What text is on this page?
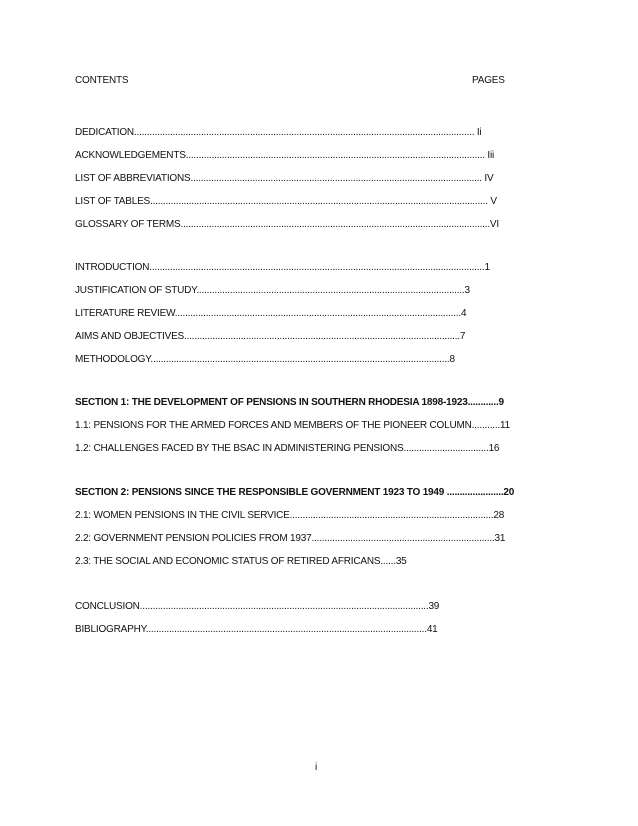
CONTENTS	PAGES
DEDICATION.................................................................................................................................... Ii
ACKNOWLEDGEMENTS.................................................................................................................... Iii
LIST OF ABBREVIATIONS................................................................................................................. IV
LIST OF TABLES................................................................................................................................... V
GLOSSARY OF TERMS........................................................................................................................VI
INTRODUCTION..................................................................................................................................1
JUSTIFICATION OF STUDY........................................................................................................3
LITERATURE REVIEW...............................................................................................................4
AIMS AND OBJECTIVES...........................................................................................................7
METHODOLOGY....................................................................................................................8
SECTION 1: THE DEVELOPMENT OF PENSIONS IN SOUTHERN RHODESIA 1898-1923............9
1.1: PENSIONS FOR THE ARMED FORCES AND MEMBERS OF THE PIONEER COLUMN...........11
1.2: CHALLENGES FACED BY THE BSAC IN ADMINISTERING PENSIONS.................................16
SECTION 2: PENSIONS SINCE THE RESPONSIBLE GOVERNMENT 1923 TO 1949 ......................20
2.1: WOMEN PENSIONS IN THE CIVIL SERVICE...............................................................................28
2.2: GOVERNMENT PENSION POLICIES FROM 1937.......................................................................31
2.3: THE SOCIAL AND ECONOMIC STATUS OF RETIRED AFRICANS......35
CONCLUSION................................................................................................................39
BIBLIOGRAPHY.............................................................................................................41
i
